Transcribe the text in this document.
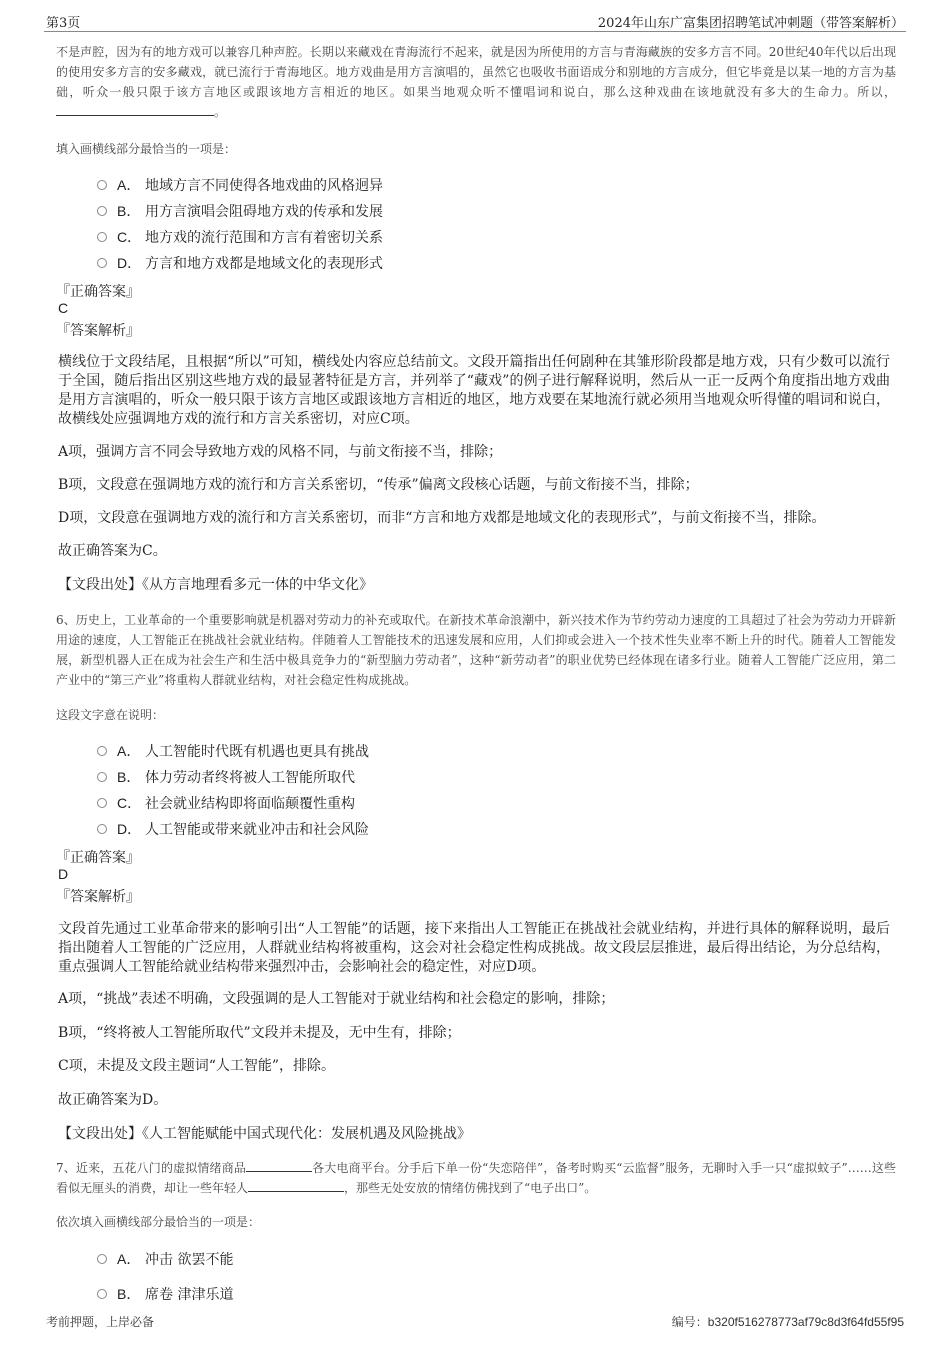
第3页	2024年山东广富集团招聘笔试冲刺题（带答案解析）
不是声腔，因为有的地方戏可以兼容几种声腔。长期以来藏戏在青海流行不起来，就是因为所使用的方言与青海藏族的安多方言不同。20世纪40年代以后出现的使用安多方言的安多藏戏，就已流行于青海地区。地方戏曲是用方言演唱的，虽然它也吸收书面语成分和别地的方言成分，但它毕竟是以某一地的方言为基础，听众一般只限于该方言地区或跟该地方言相近的地区。如果当地观众听不懂唱词和说白，那么这种戏曲在该地就没有多大的生命力。所以，。
填入画横线部分最恰当的一项是：
A． 地域方言不同使得各地戏曲的风格迥异
B． 用方言演唱会阻碍地方戏的传承和发展
C． 地方戏的流行范围和方言有着密切关系
D． 方言和地方戏都是地域文化的表现形式
『正确答案』
C
『答案解析』
横线位于文段结尾，且根据“所以”可知，横线处内容应总结前文。文段开篇指出任何剧种在其雏形阶段都是地方戏，只有少数可以流行于全国，随后指出区别这些地方戏的最显著特征是方言，并列举了“藏戏”的例子进行解释说明，然后从一正一反两个角度指出地方戏曲是用方言演唱的，听众一般只限于该方言地区或跟该地方言相近的地区，地方戏要在某地流行就必须用当地观众听得懂的唱词和说白，故横线处应强调地方戏的流行和方言关系密切，对应C项。
A项，强调方言不同会导致地方戏的风格不同，与前文衔接不当，排除；
B项，文段意在强调地方戏的流行和方言关系密切，“传承”偏离文段核心话题，与前文衔接不当，排除；
D项，文段意在强调地方戏的流行和方言关系密切，而非“方言和地方戏都是地域文化的表现形式”，与前文衔接不当，排除。
故正确答案为C。
【文段出处】《从方言地理看多元一体的中华文化》
6、历史上，工业革命的一个重要影响就是机器对劳动力的补充或取代。在新技术革命浪潮中，新兴技术作为节约劳动力速度的工具超过了社会为劳动力开辟新用途的速度，人工智能正在挑战社会就业结构。伴随着人工智能技术的迅速发展和应用，人们抑或会进入一个技术性失业率不断上升的时代。随着人工智能发展，新型机器人正在成为社会生产和生活中极具竞争力的“新型脑力劳动者”，这种“新劳动者”的职业优势已经体现在诸多行业。随着人工智能广泛应用，第二产业中的“第三产业”将重构人群就业结构，对社会稳定性构成挑战。
这段文字意在说明：
A． 人工智能时代既有机遇也更具有挑战
B． 体力劳动者终将被人工智能所取代
C． 社会就业结构即将面临颠覆性重构
D． 人工智能或带来就业冲击和社会风险
『正确答案』
D
『答案解析』
文段首先通过工业革命带来的影响引出“人工智能”的话题，接下来指出人工智能正在挑战社会就业结构，并进行具体的解释说明，最后指出随着人工智能的广泛应用，人群就业结构将被重构，这会对社会稳定性构成挑战。故文段层层推进，最后得出结论，为分总结构，重点强调人工智能给就业结构带来强烈冲击，会影响社会的稳定性，对应D项。
A项，“挑战”表述不明确，文段强调的是人工智能对于就业结构和社会稳定的影响，排除；
B项，“终将被人工智能所取代”文段并未提及，无中生有，排除；
C项，未提及文段主题词“人工智能”，排除。
故正确答案为D。
【文段出处】《人工智能赋能中国式现代化：发展机遇及风险挑战》
7、近来，五花八门的虚拟情绪商品	各大电商平台。分手后下单一份“失恋陪伴”，备考时购买“云监督”服务，无聊时入手一只“虚拟蚊子”……这些看似无厘头的消费，却让一些年轻人	，那些无处安放的情绪仿佛找到了“电子出口”。
依次填入画横线部分最恰当的一项是：
A． 冲击 欲罢不能
B． 席卷 津津乐道
考前押题，上岸必备	编号：b320f516278773af79c8d3f64fd55f95
